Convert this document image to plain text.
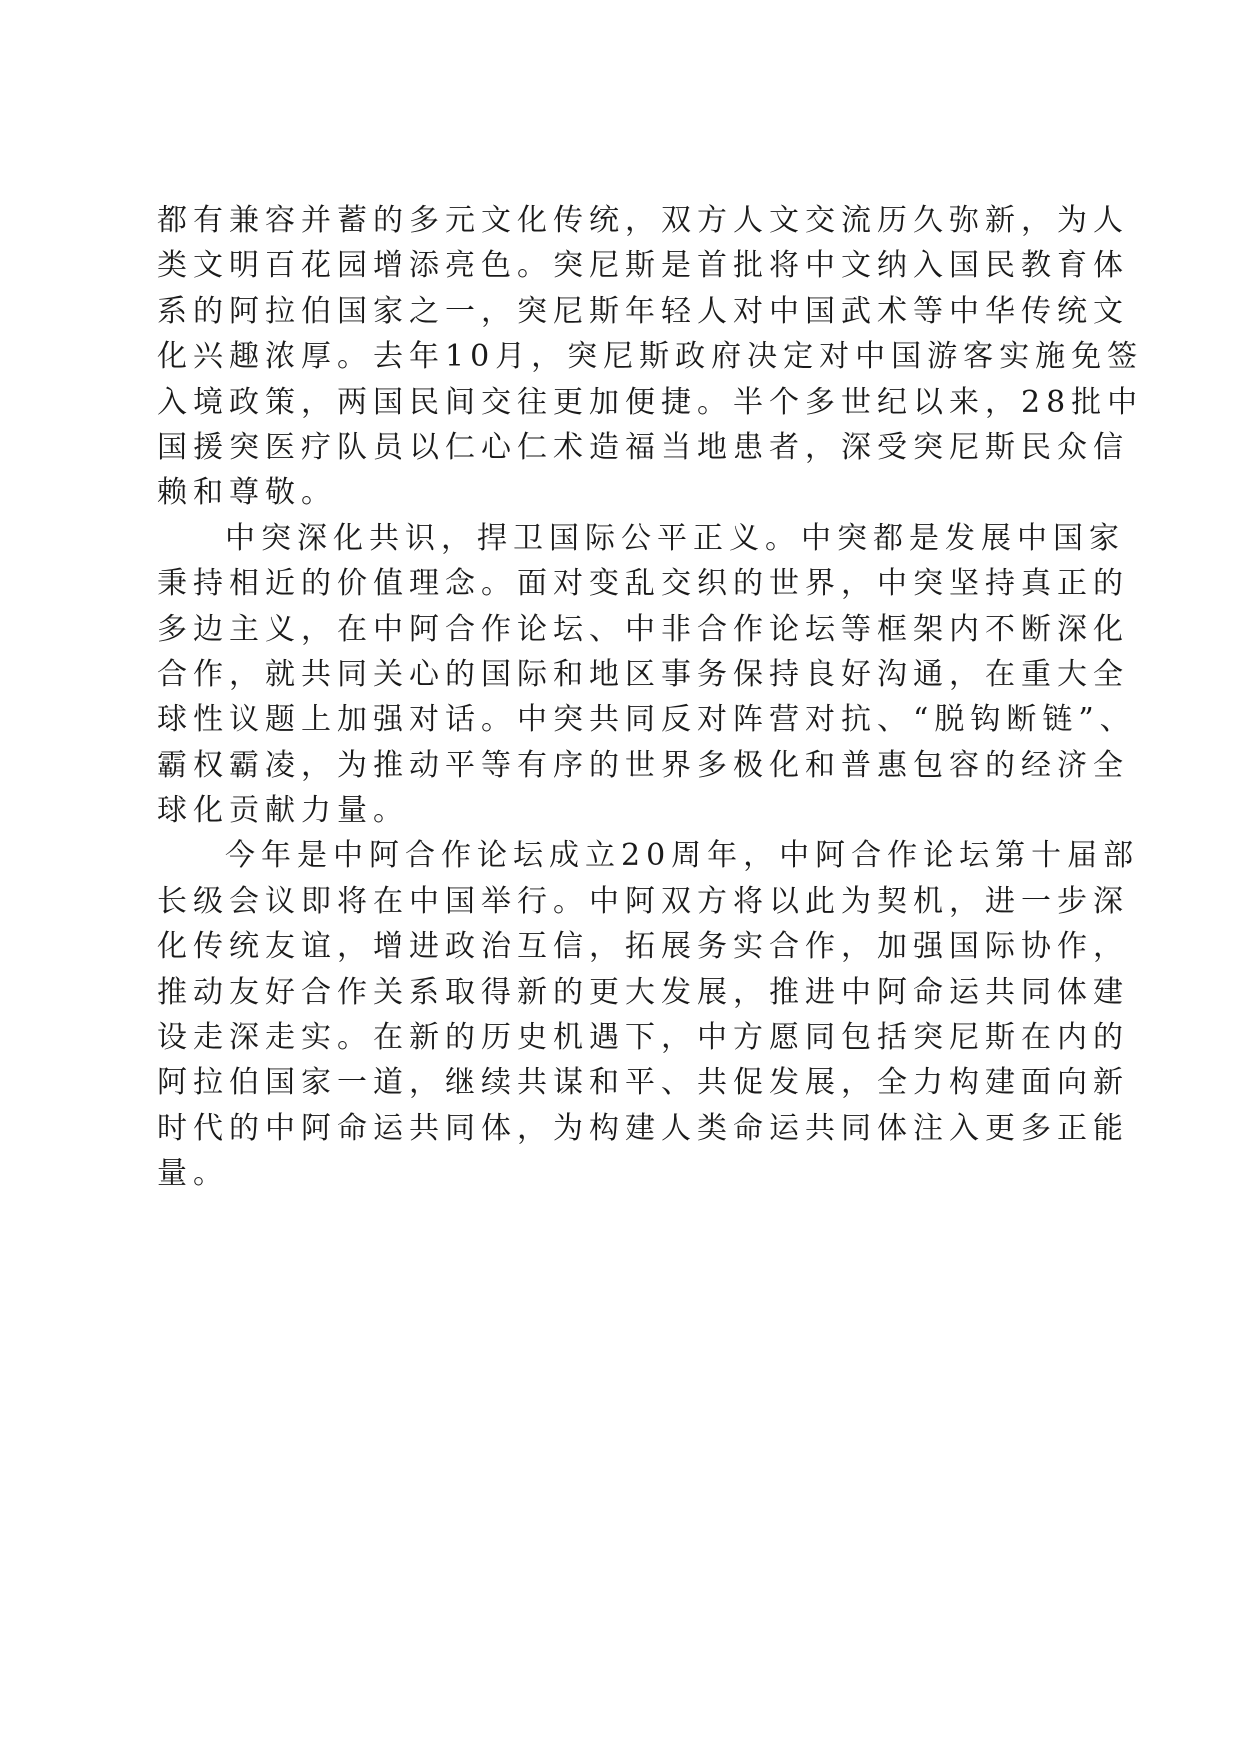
都有兼容并蓄的多元文化传统，双方人文交流历久弥新，为人
类文明百花园增添亮色。突尼斯是首批将中文纳入国民教育体
系的阿拉伯国家之一，突尼斯年轻人对中国武术等中华传统文
化兴趣浓厚。去年10月，突尼斯政府决定对中国游客实施免签
入境政策，两国民间交往更加便捷。半个多世纪以来，28批中
国援突医疗队员以仁心仁术造福当地患者，深受突尼斯民众信
赖和尊敬。
中突深化共识，捍卫国际公平正义。中突都是发展中国家
秉持相近的价值理念。面对变乱交织的世界，中突坚持真正的
多边主义，在中阿合作论坛、中非合作论坛等框架内不断深化
合作，就共同关心的国际和地区事务保持良好沟通，在重大全
球性议题上加强对话。中突共同反对阵营对抗、“脱钩断链”、
霸权霸凌，为推动平等有序的世界多极化和普惠包容的经济全
球化贡献力量。
今年是中阿合作论坛成立20周年，中阿合作论坛第十届部
长级会议即将在中国举行。中阿双方将以此为契机，进一步深
化传统友谊，增进政治互信，拓展务实合作，加强国际协作，
推动友好合作关系取得新的更大发展，推进中阿命运共同体建
设走深走实。在新的历史机遇下，中方愿同包括突尼斯在内的
阿拉伯国家一道，继续共谋和平、共促发展，全力构建面向新
时代的中阿命运共同体，为构建人类命运共同体注入更多正能
量。
